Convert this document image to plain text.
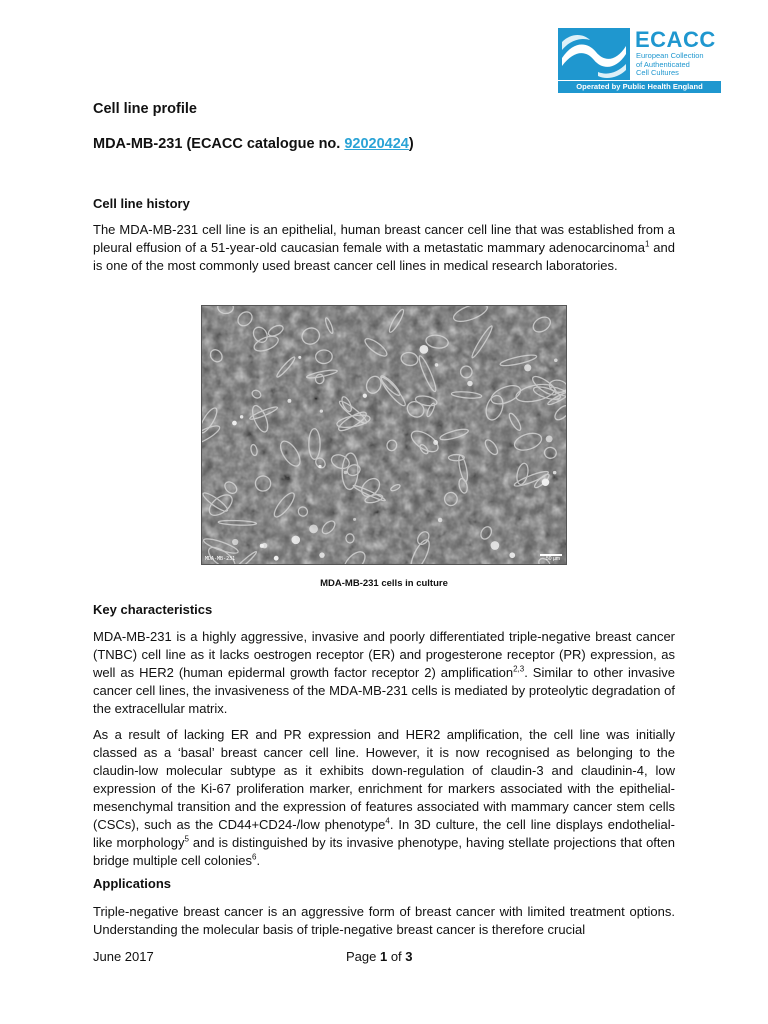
ECACC
European Collection
of Authenticated
Cell Cultures
Operated by Public Health England
Cell line profile
MDA-MB-231 (ECACC catalogue no. 92020424)
Cell line history

The MDA-MB-231 cell line is an epithelial, human breast cancer cell line that was established from a pleural effusion of a 51-year-old caucasian female with a metastatic mammary adenocarcinoma$^1$ and is one of the most commonly used breast cancer cell lines in medical research laboratories.

MDA-MB-231	50 µm
MDA-MB-231 cells in culture
Key characteristics

MDA-MB-231 is a highly aggressive, invasive and poorly differentiated triple-negative breast cancer (TNBC) cell line as it lacks oestrogen receptor (ER) and progesterone receptor (PR) expression, as well as HER2 (human epidermal growth factor receptor 2) amplification$^{2,3}$. Similar to other invasive cancer cell lines, the invasiveness of the MDA-MB-231 cells is mediated by proteolytic degradation of the extracellular matrix.

As a result of lacking ER and PR expression and HER2 amplification, the cell line was initially classed as a ‘basal’ breast cancer cell line. However, it is now recognised as belonging to the claudin-low molecular subtype as it exhibits down-regulation of claudin-3 and claudinin-4, low expression of the Ki-67 proliferation marker, enrichment for markers associated with the epithelial-mesenchymal transition and the expression of features associated with mammary cancer stem cells (CSCs), such as the CD44+CD24-/low phenotype$^4$. In 3D culture, the cell line displays endothelial-like morphology$^5$ and is distinguished by its invasive phenotype, having stellate projections that often bridge multiple cell colonies$^6$.

Applications

Triple-negative breast cancer is an aggressive form of breast cancer with limited treatment options. Understanding the molecular basis of triple-negative breast cancer is therefore crucial

June 2017	Page 1 of 3
